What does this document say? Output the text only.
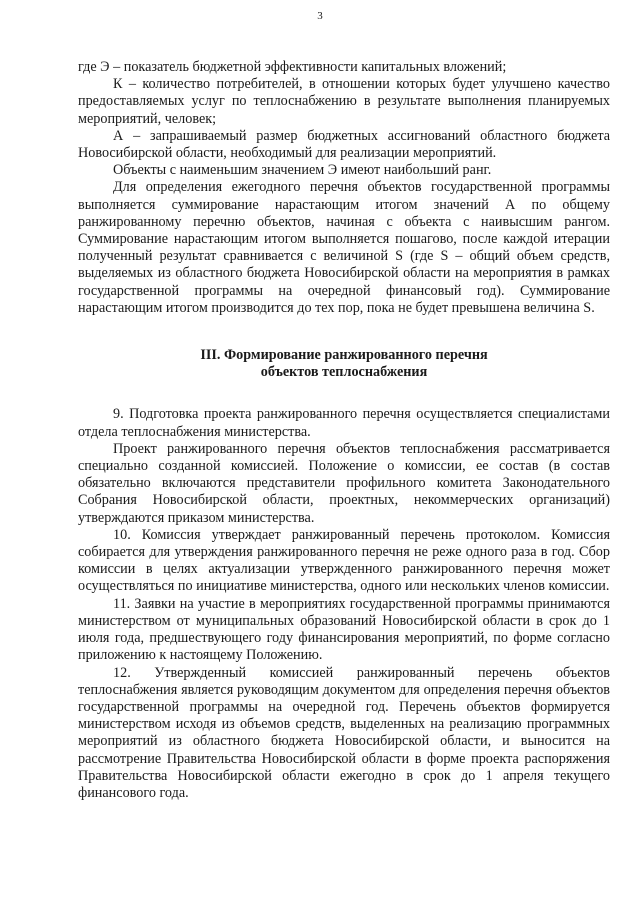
3

где Э – показатель бюджетной эффективности капитальных вложений;

К – количество потребителей, в отношении которых будет улучшено качество предоставляемых услуг по теплоснабжению в результате выполнения планируемых мероприятий, человек;

А – запрашиваемый размер бюджетных ассигнований областного бюджета Новосибирской области, необходимый для реализации мероприятий.

Объекты с наименьшим значением Э имеют наибольший ранг.

Для определения ежегодного перечня объектов государственной программы выполняется суммирование нарастающим итогом значений А по общему ранжированному перечню объектов, начиная с объекта с наивысшим рангом. Суммирование нарастающим итогом выполняется пошагово, после каждой итерации полученный результат сравнивается с величиной S (где S – общий объем средств, выделяемых из областного бюджета Новосибирской области на мероприятия в рамках государственной программы на очередной финансовый год). Суммирование нарастающим итогом производится до тех пор, пока не будет превышена величина S.

III. Формирование ранжированного перечня
объектов теплоснабжения

9. Подготовка проекта ранжированного перечня осуществляется специалистами отдела теплоснабжения министерства.

Проект ранжированного перечня объектов теплоснабжения рассматривается специально созданной комиссией. Положение о комиссии, ее состав (в состав обязательно включаются представители профильного комитета Законодательного Собрания Новосибирской области, проектных, некоммерческих организаций) утверждаются приказом министерства.

10. Комиссия утверждает ранжированный перечень протоколом. Комиссия собирается для утверждения ранжированного перечня не реже одного раза в год. Сбор комиссии в целях актуализации утвержденного ранжированного перечня может осуществляться по инициативе министерства, одного или нескольких членов комиссии.

11. Заявки на участие в мероприятиях государственной программы принимаются министерством от муниципальных образований Новосибирской области в срок до 1 июля года, предшествующего году финансирования мероприятий, по форме согласно приложению к настоящему Положению.

12. Утвержденный комиссией ранжированный перечень объектов теплоснабжения является руководящим документом для определения перечня объектов государственной программы на очередной год. Перечень объектов формируется министерством исходя из объемов средств, выделенных на реализацию программных мероприятий из областного бюджета Новосибирской области, и выносится на рассмотрение Правительства Новосибирской области в форме проекта распоряжения Правительства Новосибирской области ежегодно в срок до 1 апреля текущего финансового года.
